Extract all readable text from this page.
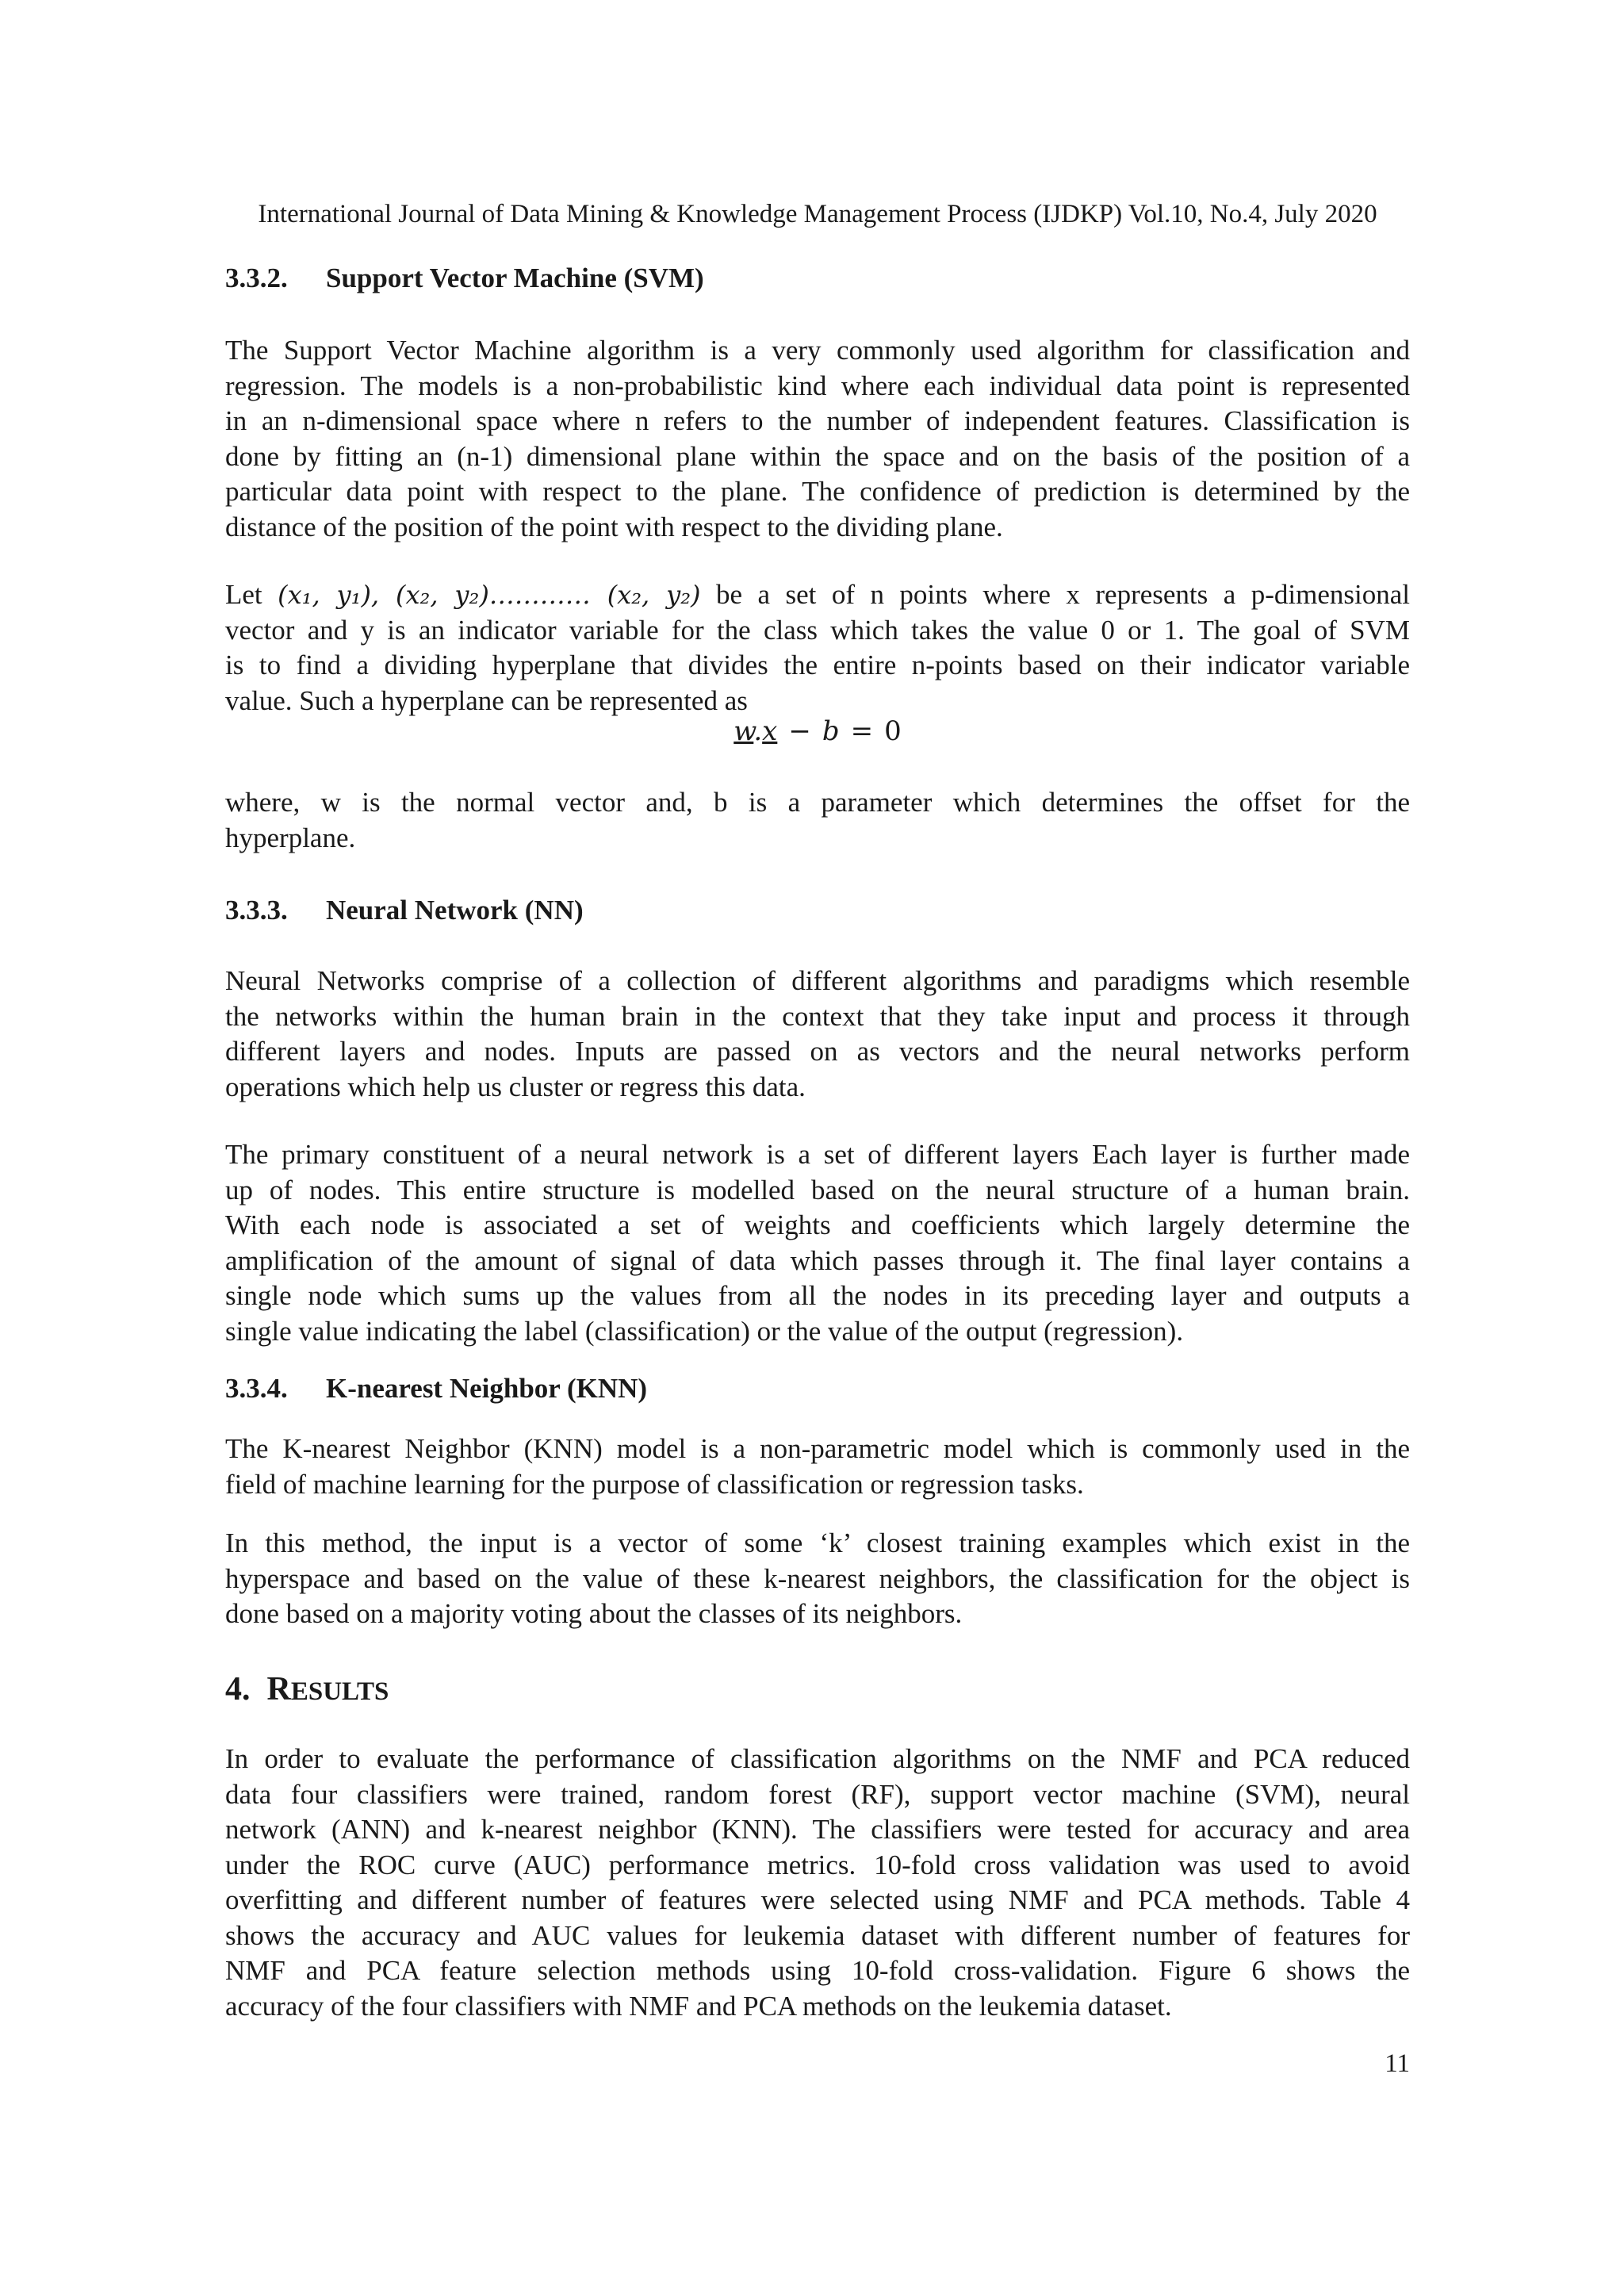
International Journal of Data Mining & Knowledge Management Process (IJDKP) Vol.10, No.4, July 2020
3.3.2. Support Vector Machine (SVM)

The Support Vector Machine algorithm is a very commonly used algorithm for classification and
regression. The models is a non-probabilistic kind where each individual data point is represented
in an n-dimensional space where n refers to the number of independent features. Classification is
done by fitting an (n-1) dimensional plane within the space and on the basis of the position of a
particular data point with respect to the plane. The confidence of prediction is determined by the
distance of the position of the point with respect to the dividing plane.

Let (x₁, y₁), (x₂, y₂)………… (x₂, y₂) be a set of n points where x represents a p-dimensional
vector and y is an indicator variable for the class which takes the value 0 or 1. The goal of SVM
is to find a dividing hyperplane that divides the entire n-points based on their indicator variable
value. Such a hyperplane can be represented as

w.x − b = 0

where, w is the normal vector and, b is a parameter which determines the offset for the
hyperplane.

3.3.3. Neural Network (NN)

Neural Networks comprise of a collection of different algorithms and paradigms which resemble
the networks within the human brain in the context that they take input and process it through
different layers and nodes. Inputs are passed on as vectors and the neural networks perform
operations which help us cluster or regress this data.

The primary constituent of a neural network is a set of different layers Each layer is further made
up of nodes. This entire structure is modelled based on the neural structure of a human brain.
With each node is associated a set of weights and coefficients which largely determine the
amplification of the amount of signal of data which passes through it. The final layer contains a
single node which sums up the values from all the nodes in its preceding layer and outputs a
single value indicating the label (classification) or the value of the output (regression).

3.3.4. K-nearest Neighbor (KNN)

The K-nearest Neighbor (KNN) model is a non-parametric model which is commonly used in the
field of machine learning for the purpose of classification or regression tasks.

In this method, the input is a vector of some ‘k’ closest training examples which exist in the
hyperspace and based on the value of these k-nearest neighbors, the classification for the object is
done based on a majority voting about the classes of its neighbors.

4. RESULTS

In order to evaluate the performance of classification algorithms on the NMF and PCA reduced
data four classifiers were trained, random forest (RF), support vector machine (SVM), neural
network (ANN) and k-nearest neighbor (KNN). The classifiers were tested for accuracy and area
under the ROC curve (AUC) performance metrics. 10-fold cross validation was used to avoid
overfitting and different number of features were selected using NMF and PCA methods. Table 4
shows the accuracy and AUC values for leukemia dataset with different number of features for
NMF and PCA feature selection methods using 10-fold cross-validation. Figure 6 shows the
accuracy of the four classifiers with NMF and PCA methods on the leukemia dataset.

11
